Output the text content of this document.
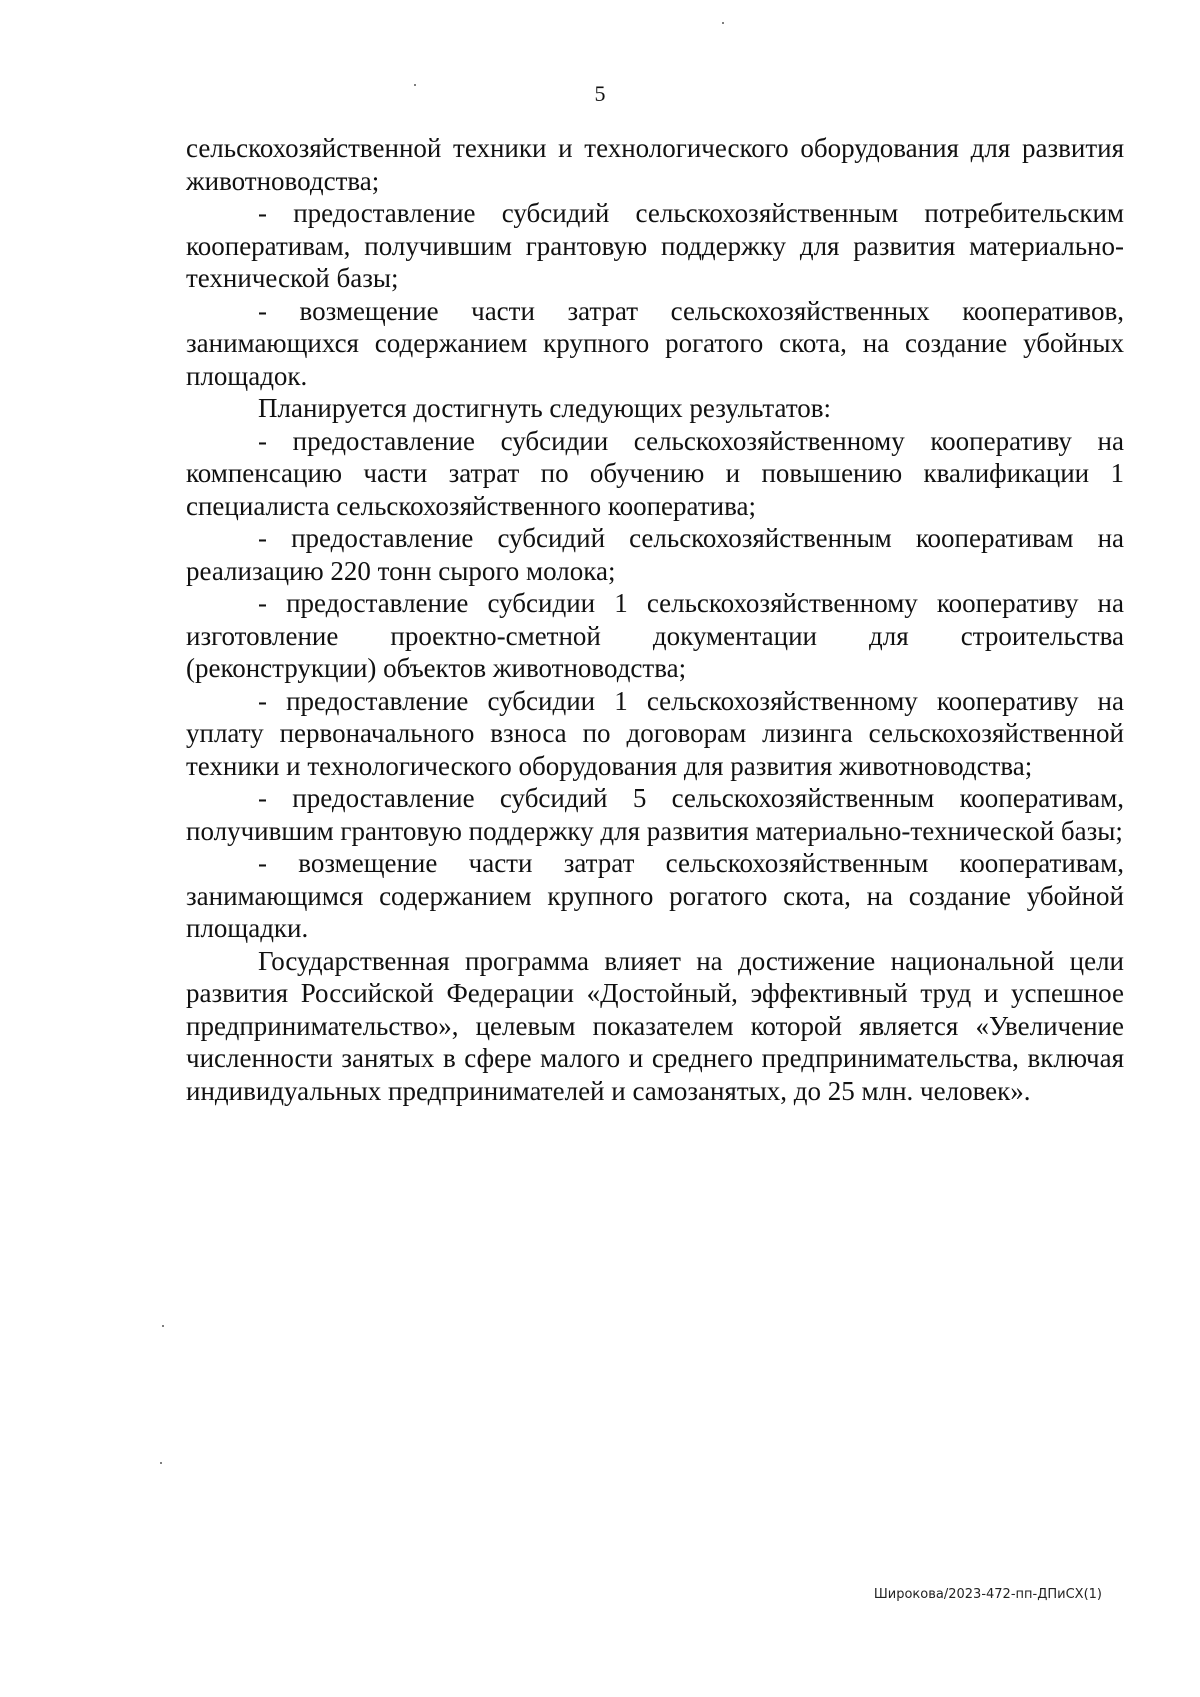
5

сельскохозяйственной техники и технологического оборудования для развития животноводства;

- предоставление субсидий сельскохозяйственным потребительским кооперативам, получившим грантовую поддержку для развития материально-технической базы;

- возмещение части затрат сельскохозяйственных кооперативов, занимающихся содержанием крупного рогатого скота, на создание убойных площадок.

Планируется достигнуть следующих результатов:

- предоставление субсидии сельскохозяйственному кооперативу на компенсацию части затрат по обучению и повышению квалификации 1 специалиста сельскохозяйственного кооператива;

- предоставление субсидий сельскохозяйственным кооперативам на реализацию 220 тонн сырого молока;

- предоставление субсидии 1 сельскохозяйственному кооперативу на изготовление проектно-сметной документации для строительства (реконструкции) объектов животноводства;

- предоставление субсидии 1 сельскохозяйственному кооперативу на уплату первоначального взноса по договорам лизинга сельскохозяйственной техники и технологического оборудования для развития животноводства;

- предоставление субсидий 5 сельскохозяйственным кооперативам, получившим грантовую поддержку для развития материально-технической базы;

- возмещение части затрат сельскохозяйственным кооперативам, занимающимся содержанием крупного рогатого скота, на создание убойной площадки.

Государственная программа влияет на достижение национальной цели развития Российской Федерации «Достойный, эффективный труд и успешное предпринимательство», целевым показателем которой является «Увеличение численности занятых в сфере малого и среднего предпринимательства, включая индивидуальных предпринимателей и самозанятых, до 25 млн. человек».

Широкова/2023-472-пп-ДПиСХ(1)
